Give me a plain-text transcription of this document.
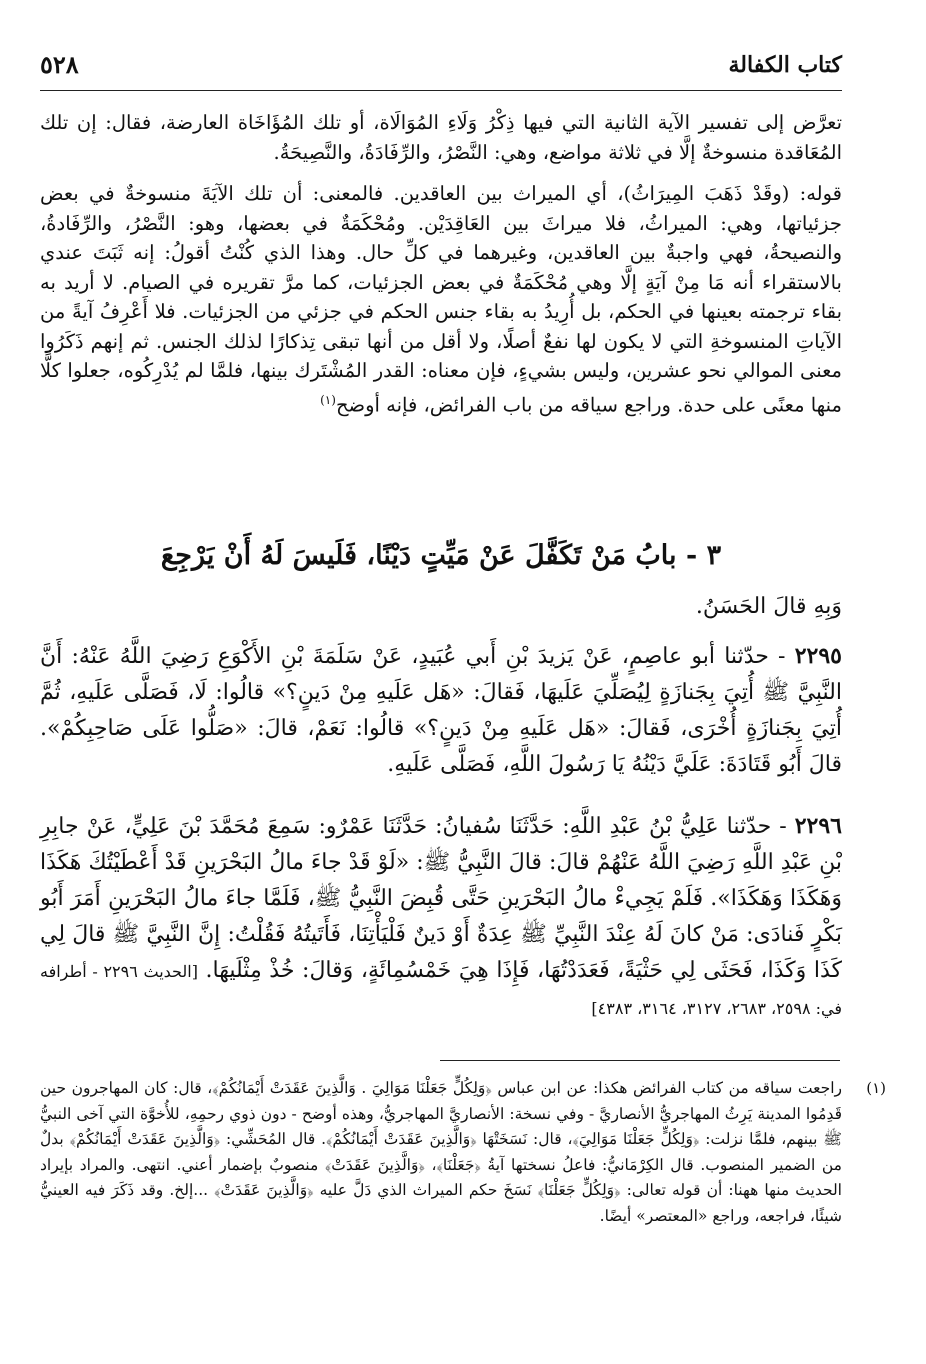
كتاب الكفالة
٥٢٨

تعرَّض إلى تفسير الآية الثانية التي فيها ذِكْرُ وَلَاءِ المُوَالَاة، أو تلك المُؤَاخَاة العارضة، فقال: إن تلك المُعَاقدة منسوخةٌ إلَّا في ثلاثة مواضع، وهي: النَّصْرُ، والرِّفَادَةُ، والنَّصِيحَةُ.

قوله: (وقَدْ ذَهَبَ المِيرَاثُ)، أي الميراث بين العاقدين. فالمعنى: أن تلك الآيَةَ منسوخةٌ في بعض جزئياتها، وهي: الميراثُ، فلا ميراثَ بين العَاقِدَيْن. ومُحْكَمَةٌ في بعضها، وهو: النَّصْرُ، والرِّفَادةُ، والنصيحةُ، فهي واجبةٌ بين العاقدين، وغيرهما في كلِّ حال. وهذا الذي كُنْتُ أقولُ: إنه ثَبَتَ عندي بالاستقراء أنه مَا مِنْ آيَةٍ إلَّا وهي مُحْكَمَةٌ في بعض الجزئيات، كما مرَّ تقريره في الصيام. لا أريد به بقاء ترجمته بعينها في الحكم، بل أُرِيدُ به بقاء جنس الحكم في جزئي من الجزئيات. فلا أَعْرِفُ آيةً من الآياتِ المنسوخةِ التي لا يكون لها نفعٌ أصلًا، ولا أقل من أنها تبقى تِذكارًا لذلك الجنس. ثم إنهم ذَكَرُوا معنى الموالي نحو عشرين، وليس بشيءٍ، فإن معناه: القدر المُشْتَرك بينها، فلمَّا لم يُدْرِكُوه، جعلوا كلًّا منها معنًى على حدة. وراجع سياقه من باب الفرائض، فإنه أوضح$^{(١)}$

٣ - بابُ مَنْ تَكَفَّلَ عَنْ مَيِّتٍ دَيْنًا، فَلَيسَ لَهُ أَنْ يَرْجِعَ
وَبِهِ قالَ الحَسَنُ.
٢٢٩٥ - حدّثنا أبو عاصِمٍ، عَنْ يَزيدَ بْنِ أَبي عُبَيدٍ، عَنْ سَلَمَةَ بْنِ الأَكْوَعِ رَضِيَ اللَّهُ عَنْهُ: أَنَّ النَّبِيَّ ﷺ أُتِيَ بِجَنازَةٍ لِيُصَلِّيَ عَلَيهَا، فَقالَ: «هَل عَلَيهِ مِنْ دَينٍ؟» قالُوا: لَا، فَصَلَّى عَلَيهِ، ثُمَّ أُتِيَ بِجَنازَةٍ أُخْرَى، فَقالَ: «هَل عَلَيهِ مِنْ دَينٍ؟» قالُوا: نَعَمْ، قالَ: «صَلُّوا عَلَى صَاحِبِكُمْ». قالَ أَبُو قَتَادَةَ: عَلَيَّ دَيْنُهُ يَا رَسُولَ اللَّهِ، فَصَلَّى عَلَيهِ.
٢٢٩٦ - حدّثنا عَلِيُّ بْنُ عَبْدِ اللَّهِ: حَدَّثَنَا سُفيانُ: حَدَّثَنَا عَمْرٌو: سَمِعَ مُحَمَّدَ بْنَ عَلِيٍّ، عَنْ جابِرِ بْنِ عَبْدِ اللَّهِ رَضِيَ اللَّهُ عَنْهُمْ قالَ: قالَ النَّبِيُّ ﷺ: «لَوْ قَدْ جاءَ مالُ البَحْرَينِ قَدْ أَعْطَيْتُكَ هَكَذَا وَهَكَذَا وَهَكَذَا». فَلَمْ يَجِيءْ مالُ البَحْرَينِ حَتَّى قُبِضَ النَّبِيُّ ﷺ، فَلَمَّا جاءَ مالُ البَحْرَينِ أَمَرَ أَبُو بَكْرٍ فَنادَى: مَنْ كانَ لَهُ عِنْدَ النَّبِيِّ ﷺ عِدَةٌ أَوْ دَينٌ فَلْيَأْتِنَا، فَأَتَيتُهُ فَقُلْتُ: إِنَّ النَّبِيَّ ﷺ قالَ لِي كَذَا وَكَذَا، فَحَثَى لِي حَثْيَةً، فَعَدَدْتُهَا، فَإِذَا هِيَ خَمْسُمِائَةٍ، وَقالَ: خُذْ مِثْلَيهَا. [الحديث ٢٢٩٦ - أطرافه في: ٢٥٩٨، ٢٦٨٣، ٣١٢٧، ٣١٦٤، ٤٣٨٣]
(١)
راجعت سياقه من كتاب الفرائض هكذا: عن ابن عباس ﴿وَلِكُلٍّ جَعَلْنَا مَوَالِيَ . وَالَّذِينَ عَقَدَتْ أَيْمَانُكُمْ﴾، قال: كان المهاجرون حين قَدِمُوا المدينة يَرِثُ المهاجريُّ الأنصاريَّ - وفي نسخة: الأنصاريَّ المهاجريُّ، وهذه أوضح - دون ذوي رحمِهِ، للأُخوَّة التي آخى النبيُّ ﷺ بينهم، فلمَّا نزلت: ﴿وَلِكُلٍّ جَعَلْنَا مَوَالِيَ﴾، قال: نَسَخَتْهَا ﴿وَالَّذِينَ عَقَدَتْ أَيْمَانُكُمْ﴾. قال المُحَشِّي: ﴿وَالَّذِينَ عَقَدَتْ أَيْمَانُكُمْ﴾ بدلٌ من الضمير المنصوب. قال الكِرْمَانيُّ: فاعلُ نسختها آيةُ ﴿جَعَلْنَا﴾، ﴿وَالَّذِينَ عَقَدَتْ﴾ منصوبٌ بإضمار أعني. انتهى. والمراد بإيراد الحديث منها ههنا: أن قوله تعالى: ﴿وَلِكُلٍّ جَعَلْنَا﴾ نَسَخَ حكم الميراث الذي دَلَّ عليه ﴿وَالَّذِينَ عَقَدَتْ﴾ ...إلخ. وقد ذَكَرَ فيه العينيُّ شيئًا، فراجعه، وراجع «المعتصر» أيضًا.
